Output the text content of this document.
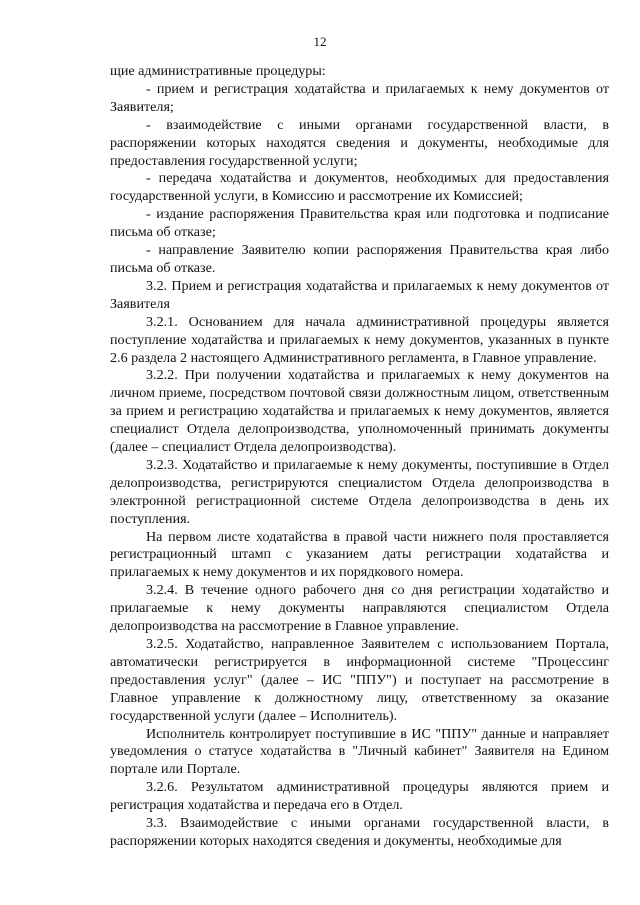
12

щие административные процедуры:

- прием и регистрация ходатайства и прилагаемых к нему документов от Заявителя;

- взаимодействие с иными органами государственной власти, в распоряжении которых находятся сведения и документы, необходимые для предоставления государственной услуги;

- передача ходатайства и документов, необходимых для предоставления государственной услуги, в Комиссию и рассмотрение их Комиссией;

- издание распоряжения Правительства края или подготовка и подписание письма об отказе;

- направление Заявителю копии распоряжения Правительства края либо письма об отказе.

3.2. Прием и регистрация ходатайства и прилагаемых к нему документов от Заявителя

3.2.1. Основанием для начала административной процедуры является поступление ходатайства и прилагаемых к нему документов, указанных в пункте 2.6 раздела 2 настоящего Административного регламента, в Главное управление.

3.2.2. При получении ходатайства и прилагаемых к нему документов на личном приеме, посредством почтовой связи должностным лицом, ответственным за прием и регистрацию ходатайства и прилагаемых к нему документов, является специалист Отдела делопроизводства, уполномоченный принимать документы (далее – специалист Отдела делопроизводства).

3.2.3. Ходатайство и прилагаемые к нему документы, поступившие в Отдел делопроизводства, регистрируются специалистом Отдела делопроизводства в электронной регистрационной системе Отдела делопроизводства в день их поступления.

На первом листе ходатайства в правой части нижнего поля проставляется регистрационный штамп с указанием даты регистрации ходатайства и прилагаемых к нему документов и их порядкового номера.

3.2.4. В течение одного рабочего дня со дня регистрации ходатайство и прилагаемые к нему документы направляются специалистом Отдела делопроизводства на рассмотрение в Главное управление.

3.2.5. Ходатайство, направленное Заявителем с использованием Портала, автоматически регистрируется в информационной системе "Процессинг предоставления услуг" (далее – ИС "ППУ") и поступает на рассмотрение в Главное управление к должностному лицу, ответственному за оказание государственной услуги (далее – Исполнитель).

Исполнитель контролирует поступившие в ИС "ППУ" данные и направляет уведомления о статусе ходатайства в "Личный кабинет" Заявителя на Едином портале или Портале.

3.2.6. Результатом административной процедуры являются прием и регистрация ходатайства и передача его в Отдел.

3.3. Взаимодействие с иными органами государственной власти, в распоряжении которых находятся сведения и документы, необходимые для
